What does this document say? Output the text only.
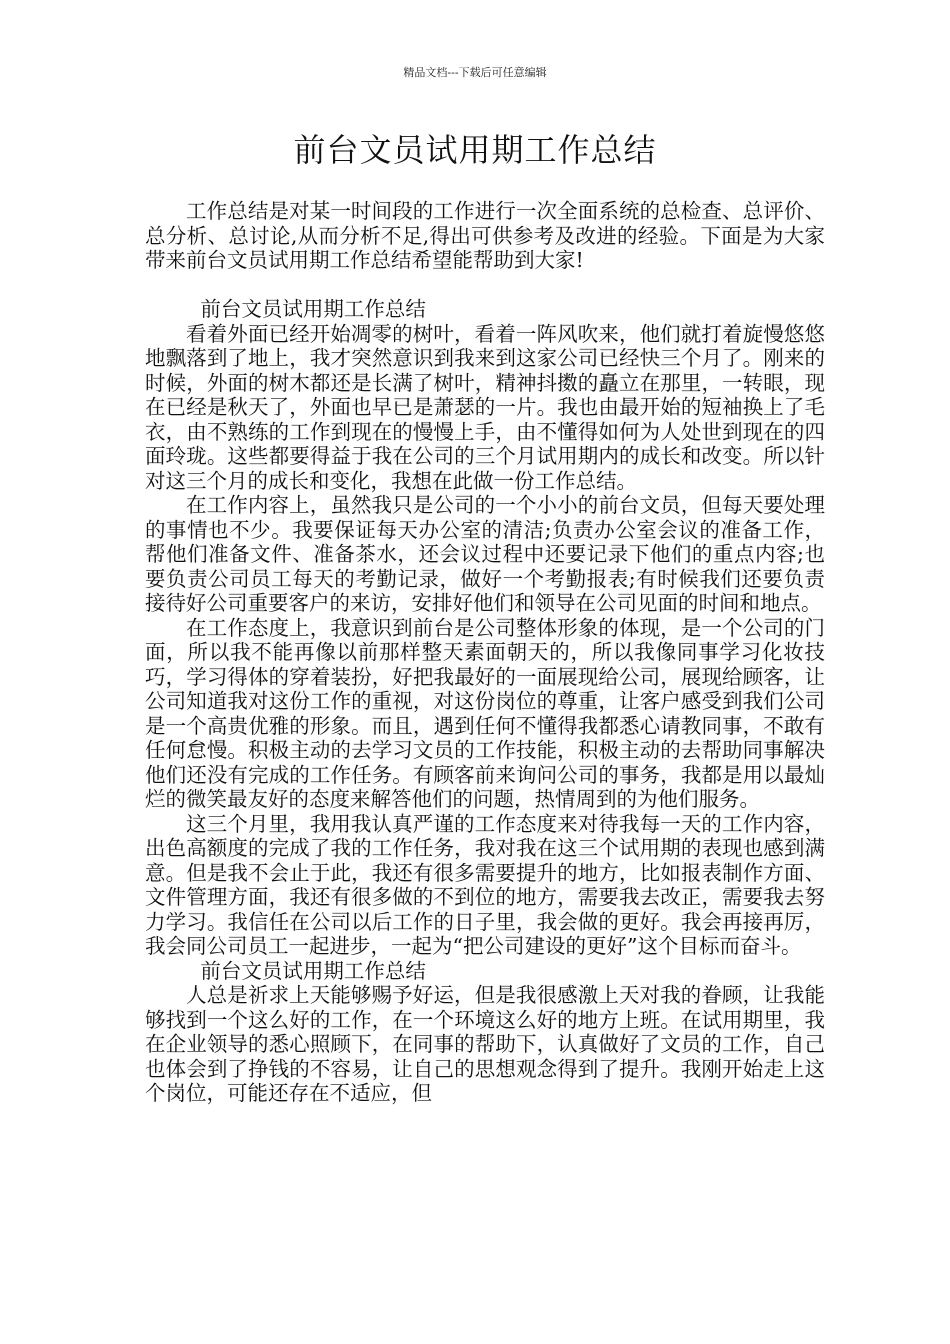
精品文档---下载后可任意编辑
前台文员试用期工作总结

工作总结是对某一时间段的工作进行一次全面系统的总检查、总评价、总分析、总讨论,从而分析不足,得出可供参考及改进的经验。下面是为大家带来前台文员试用期工作总结希望能帮助到大家!

前台文员试用期工作总结

看着外面已经开始凋零的树叶，看着一阵风吹来，他们就打着旋慢悠悠地飘落到了地上，我才突然意识到我来到这家公司已经快三个月了。刚来的时候，外面的树木都还是长满了树叶，精神抖擞的矗立在那里，一转眼，现在已经是秋天了，外面也早已是萧瑟的一片。我也由最开始的短袖换上了毛衣，由不熟练的工作到现在的慢慢上手，由不懂得如何为人处世到现在的四面玲珑。这些都要得益于我在公司的三个月试用期内的成长和改变。所以针对这三个月的成长和变化，我想在此做一份工作总结。

在工作内容上，虽然我只是公司的一个小小的前台文员，但每天要处理的事情也不少。我要保证每天办公室的清洁;负责办公室会议的准备工作，帮他们准备文件、准备茶水，还会议过程中还要记录下他们的重点内容;也要负责公司员工每天的考勤记录，做好一个考勤报表;有时候我们还要负责接待好公司重要客户的来访，安排好他们和领导在公司见面的时间和地点。

在工作态度上，我意识到前台是公司整体形象的体现，是一个公司的门面，所以我不能再像以前那样整天素面朝天的，所以我像同事学习化妆技巧，学习得体的穿着装扮，好把我最好的一面展现给公司，展现给顾客，让公司知道我对这份工作的重视，对这份岗位的尊重，让客户感受到我们公司是一个高贵优雅的形象。而且，遇到任何不懂得我都悉心请教同事，不敢有任何怠慢。积极主动的去学习文员的工作技能，积极主动的去帮助同事解决他们还没有完成的工作任务。有顾客前来询问公司的事务，我都是用以最灿烂的微笑最友好的态度来解答他们的问题，热情周到的为他们服务。

这三个月里，我用我认真严谨的工作态度来对待我每一天的工作内容，出色高额度的完成了我的工作任务，我对我在这三个试用期的表现也感到满意。但是我不会止于此，我还有很多需要提升的地方，比如报表制作方面、文件管理方面，我还有很多做的不到位的地方，需要我去改正，需要我去努力学习。我信任在公司以后工作的日子里，我会做的更好。我会再接再厉，我会同公司员工一起进步，一起为“把公司建设的更好”这个目标而奋斗。

前台文员试用期工作总结

人总是祈求上天能够赐予好运，但是我很感激上天对我的眷顾，让我能够找到一个这么好的工作，在一个环境这么好的地方上班。在试用期里，我在企业领导的悉心照顾下，在同事的帮助下，认真做好了文员的工作，自己也体会到了挣钱的不容易，让自己的思想观念得到了提升。我刚开始走上这个岗位，可能还存在不适应，但
